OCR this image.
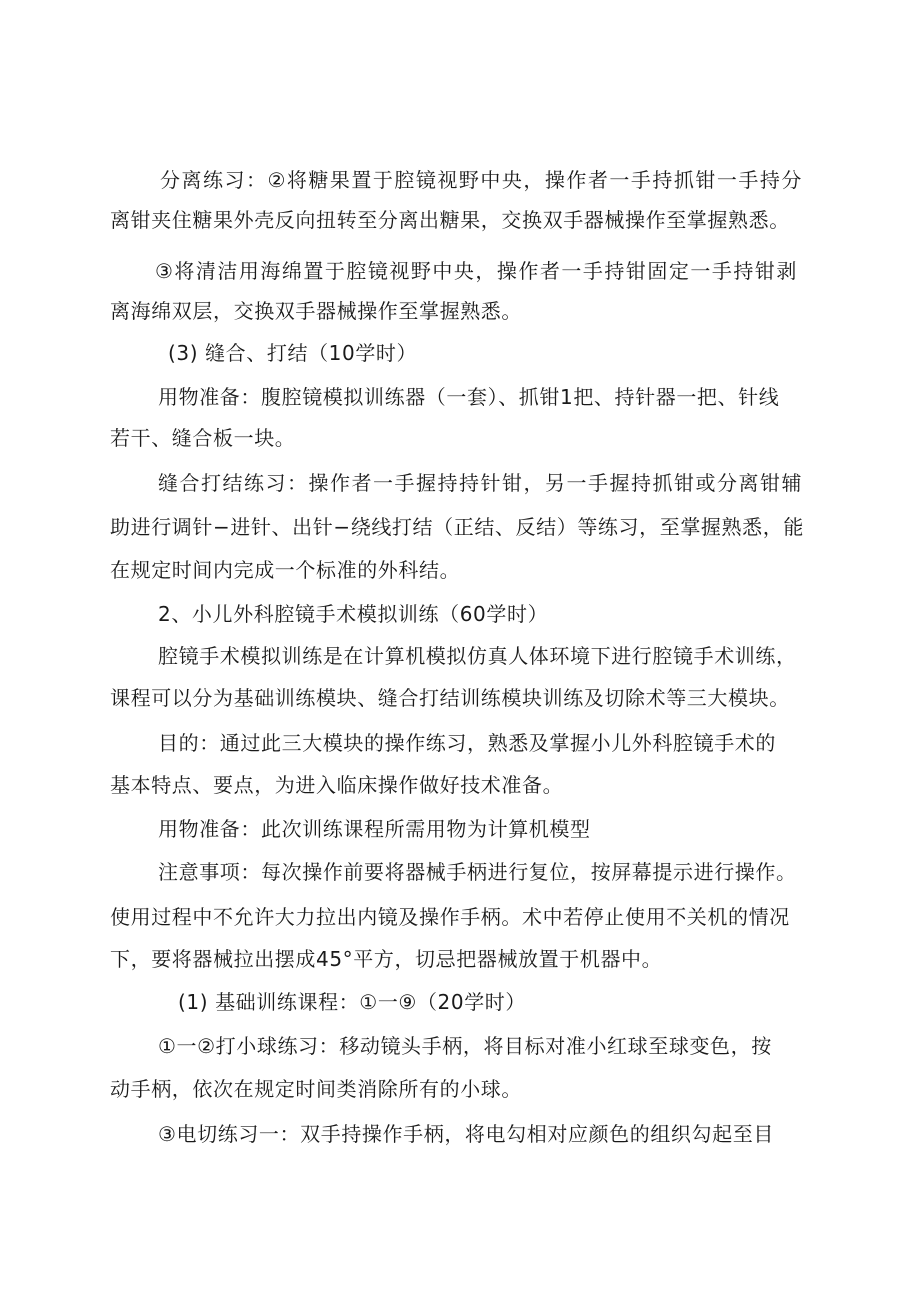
分离练习：②将糖果置于腔镜视野中央，操作者一手持抓钳一手持分

离钳夹住糖果外壳反向扭转至分离出糖果，交换双手器械操作至掌握熟悉。

③将清洁用海绵置于腔镜视野中央，操作者一手持钳固定一手持钳剥

离海绵双层，交换双手器械操作至掌握熟悉。

(3) 缝合、打结（10学时）

用物准备：腹腔镜模拟训练器（一套）、抓钳1把、持针器一把、针线

若干、缝合板一块。

缝合打结练习：操作者一手握持持针钳，另一手握持抓钳或分离钳辅

助进行调针−进针、出针−绕线打结（正结、反结）等练习，至掌握熟悉，能

在规定时间内完成一个标准的外科结。

2、小儿外科腔镜手术模拟训练（60学时）

腔镜手术模拟训练是在计算机模拟仿真人体环境下进行腔镜手术训练，

课程可以分为基础训练模块、缝合打结训练模块训练及切除术等三大模块。

目的：通过此三大模块的操作练习，熟悉及掌握小儿外科腔镜手术的

基本特点、要点，为进入临床操作做好技术准备。

用物准备：此次训练课程所需用物为计算机模型

注意事项：每次操作前要将器械手柄进行复位，按屏幕提示进行操作。

使用过程中不允许大力拉出内镜及操作手柄。术中若停止使用不关机的情况

下，要将器械拉出摆成45°平方，切忌把器械放置于机器中。

(1) 基础训练课程：①一⑨（20学时）

①一②打小球练习：移动镜头手柄，将目标对准小红球至球变色，按

动手柄，依次在规定时间类消除所有的小球。

③电切练习一：双手持操作手柄，将电勾相对应颜色的组织勾起至目
